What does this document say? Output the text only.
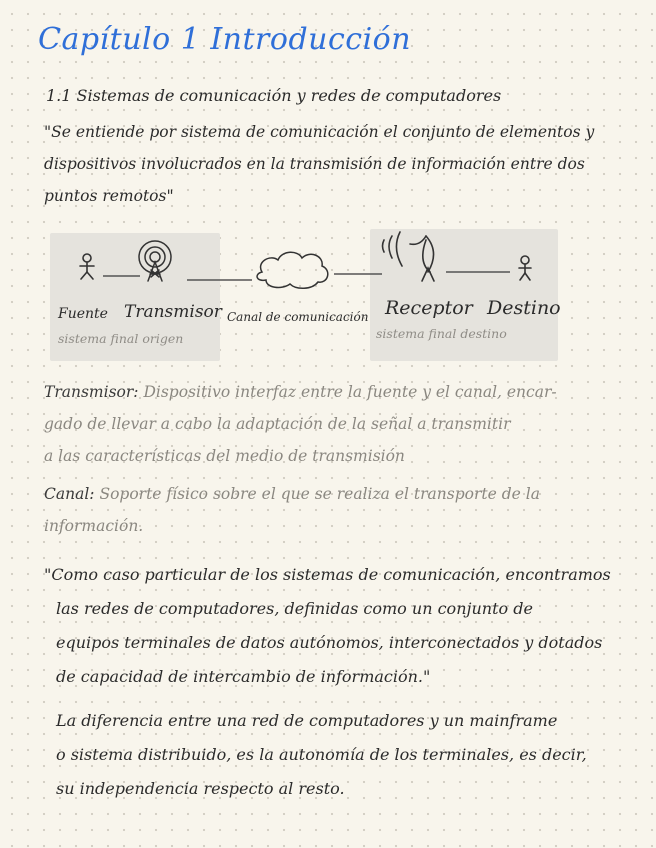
Capítulo 1 Introducción
1.1 Sistemas de comunicación y redes de computadores
"Se entiende por sistema de comunicación el conjunto de elementos y
dispositivos involucrados en la transmisión de información entre dos
puntos remotos"
Fuente Transmisor Canal de comunicación Receptor Destino
sistema final origen	sistema final destino
Transmisor: Dispositivo interfaz entre la fuente y el canal, encar-
gado de llevar a cabo la adaptación de la señal a transmitir
a las características del medio de transmisión
Canal: Soporte físico sobre el que se realiza el transporte de la
información.
"Como caso particular de los sistemas de comunicación, encontramos
las redes de computadores, definidas como un conjunto de
equipos terminales de datos autónomos, interconectados y dotados
de capacidad de intercambio de información."
La diferencia entre una red de computadores y un mainframe
o sistema distribuido, es la autonomía de los terminales, es decir,
su independencia respecto al resto.
